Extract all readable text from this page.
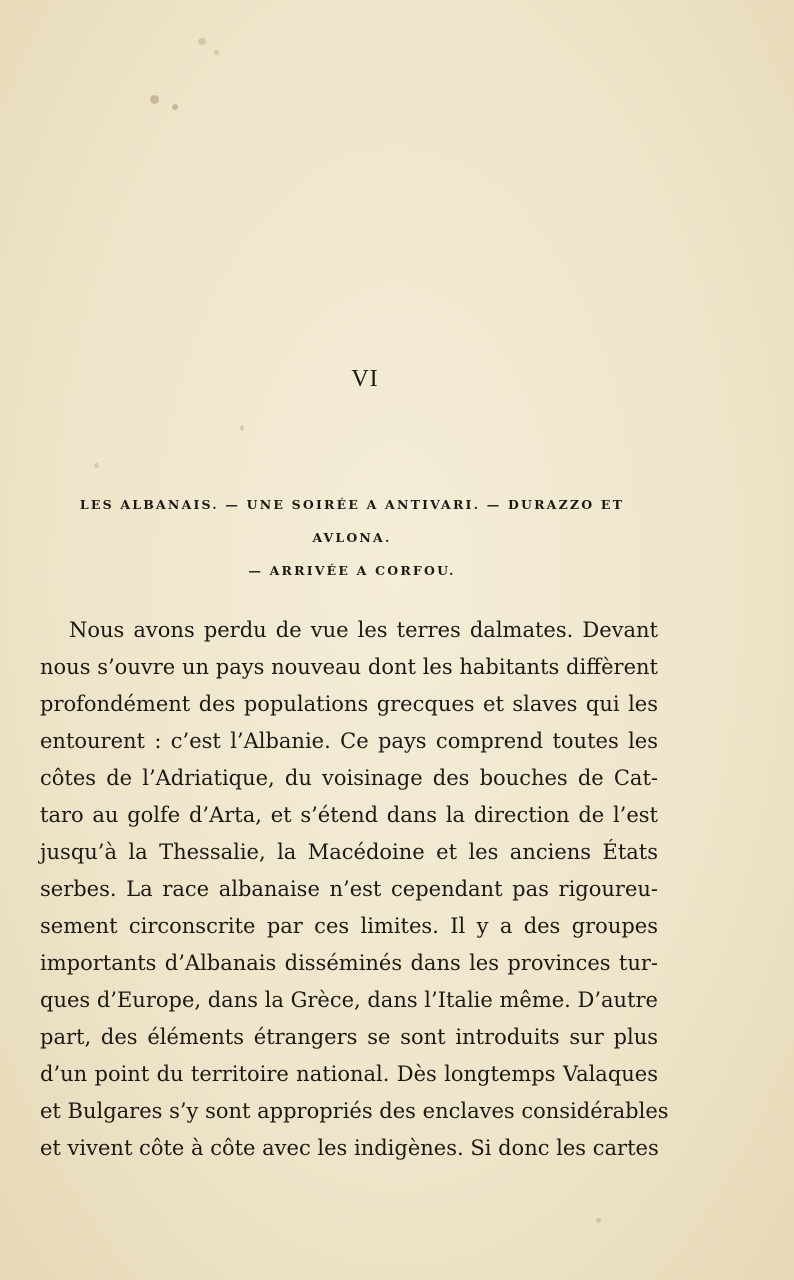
VI
LES ALBANAIS. — UNE SOIRÉE A ANTIVARI. — DURAZZO ET AVLONA.
— ARRIVÉE A CORFOU.
Nous avons perdu de vue les terres dalmates. Devant
nous s’ouvre un pays nouveau dont les habitants diffèrent
profondément des populations grecques et slaves qui les
entourent : c’est l’Albanie. Ce pays comprend toutes les
côtes de l’Adriatique, du voisinage des bouches de Cat-
taro au golfe d’Arta, et s’étend dans la direction de l’est
jusqu’à la Thessalie, la Macédoine et les anciens États
serbes. La race albanaise n’est cependant pas rigoureu-
sement circonscrite par ces limites. Il y a des groupes
importants d’Albanais disséminés dans les provinces tur-
ques d’Europe, dans la Grèce, dans l’Italie même. D’autre
part, des éléments étrangers se sont introduits sur plus
d’un point du territoire national. Dès longtemps Valaques
et Bulgares s’y sont appropriés des enclaves considérables
et vivent côte à côte avec les indigènes. Si donc les cartes
